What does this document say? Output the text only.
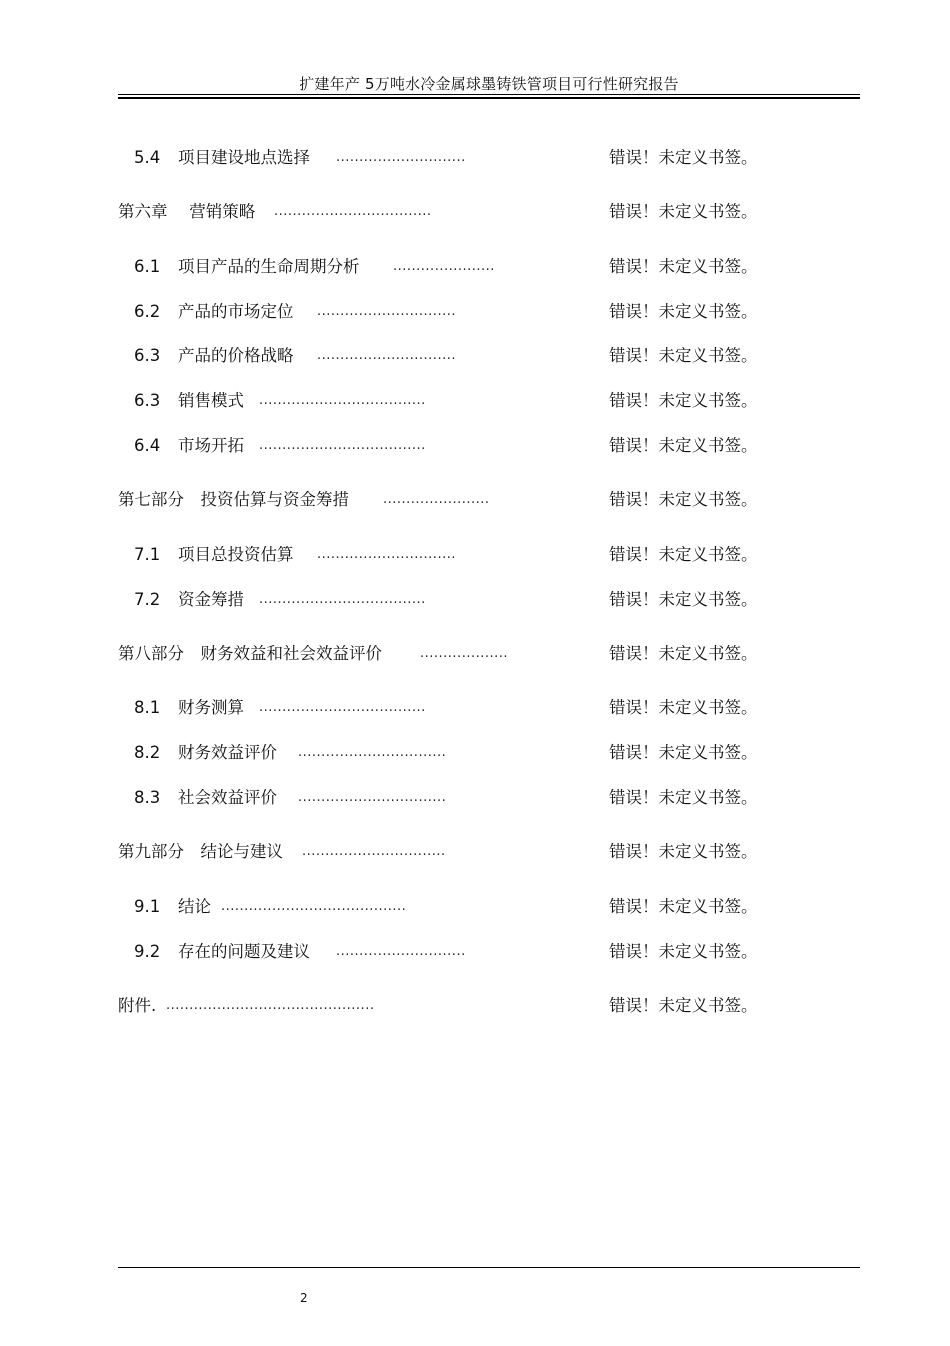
扩建年产 5万吨水冷金属球墨铸铁管项目可行性研究报告
5.4 项目建设地点选择 ............................	错误！未定义书签。
第六章　 营销策略 ..................................	错误！未定义书签。
6.1 项目产品的生命周期分析	......................	错误！未定义书签。
6.2 产品的市场定位 ..............................	错误！未定义书签。
6.3 产品的价格战略 ..............................	错误！未定义书签。
6.3 销售模式 ....................................	错误！未定义书签。
6.4 市场开拓 ....................................	错误！未定义书签。
第七部分　投资估算与资金筹措	.......................	错误！未定义书签。
7.1 项目总投资估算 ..............................	错误！未定义书签。
7.2 资金筹措 ....................................	错误！未定义书签。
第八部分　财务效益和社会效益评价	...................	错误！未定义书签。
8.1 财务测算 ....................................	错误！未定义书签。
8.2 财务效益评价 ................................	错误！未定义书签。
8.3 社会效益评价 ................................	错误！未定义书签。
第九部分　结论与建议 ...............................	错误！未定义书签。
9.1 结论 ........................................	错误！未定义书签。
9.2 存在的问题及建议 ............................	错误！未定义书签。
附件. .............................................	错误！未定义书签。
2
